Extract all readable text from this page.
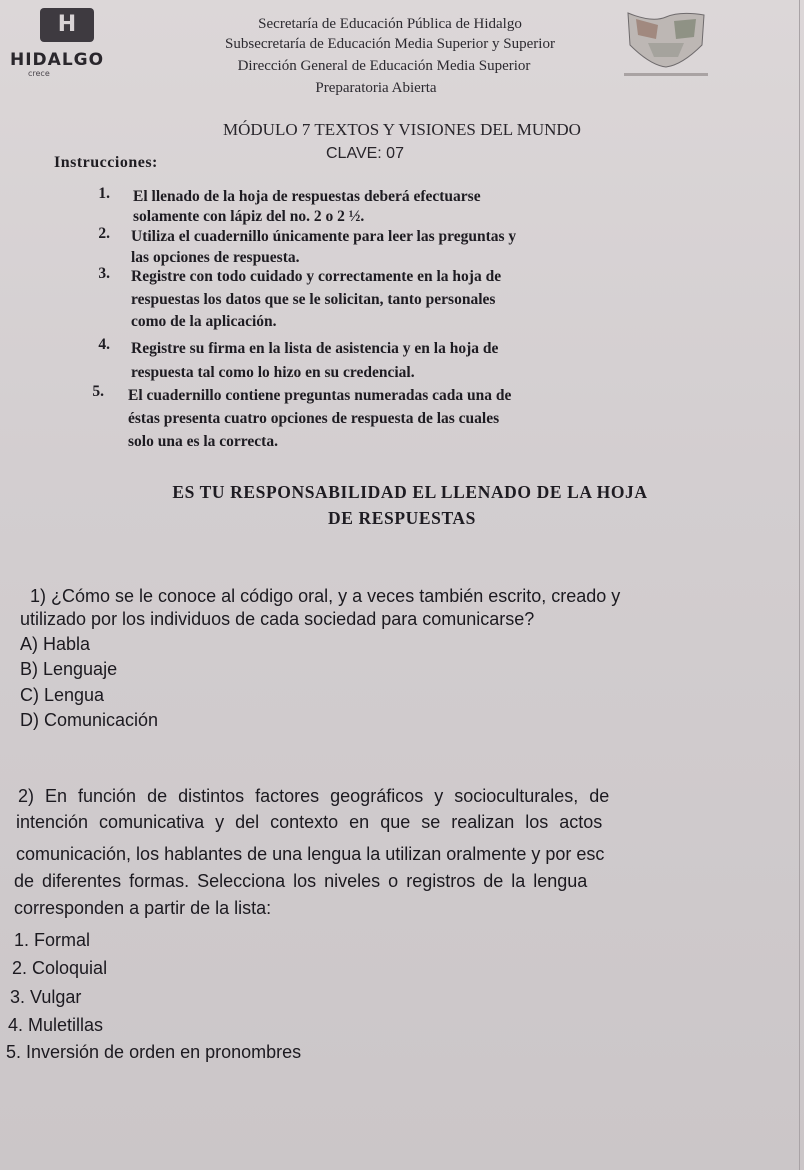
H
HIDALGO
crece
Secretaría de Educación Pública de Hidalgo
Subsecretaría de Educación Media Superior y Superior
Dirección General de Educación Media Superior
Preparatoria Abierta
MÓDULO 7 TEXTOS Y VISIONES DEL MUNDO
CLAVE: 07
Instrucciones:
1. El llenado de la hoja de respuestas deberá efectuarse
solamente con lápiz del no. 2 o 2 ½.
2. Utiliza el cuadernillo únicamente para leer las preguntas y
las opciones de respuesta.
3. Registre con todo cuidado y correctamente en la hoja de
respuestas los datos que se le solicitan, tanto personales
como de la aplicación.
4. Registre su firma en la lista de asistencia y en la hoja de
respuesta tal como lo hizo en su credencial.
5. El cuadernillo contiene preguntas numeradas cada una de
éstas presenta cuatro opciones de respuesta de las cuales
solo una es la correcta.
ES TU RESPONSABILIDAD EL LLENADO DE LA HOJA
DE RESPUESTAS
1) ¿Cómo se le conoce al código oral, y a veces también escrito, creado y
utilizado por los individuos de cada sociedad para comunicarse?
A) Habla
B) Lenguaje
C) Lengua
D) Comunicación
2) En función de distintos factores geográficos y socioculturales, de
intención comunicativa y del contexto en que se realizan los actos
comunicación, los hablantes de una lengua la utilizan oralmente y por esc
de diferentes formas. Selecciona los niveles o registros de la lengua
corresponden a partir de la lista:
1. Formal
2. Coloquial
3. Vulgar
4. Muletillas
5. Inversión de orden en pronombres
